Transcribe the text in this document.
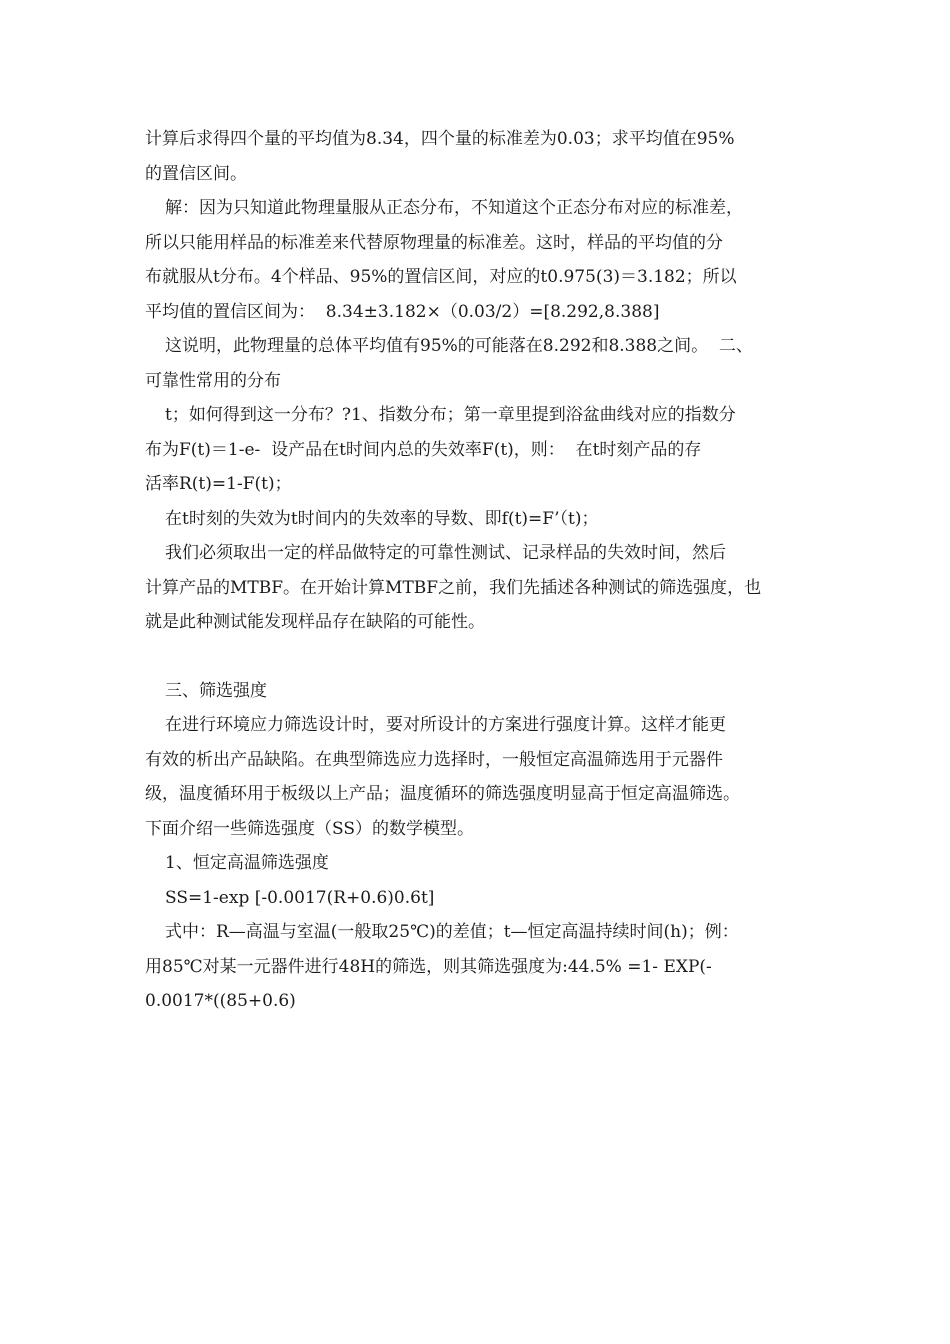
计算后求得四个量的平均值为8.34，四个量的标准差为0.03；求平均值在95%
的置信区间。
解：因为只知道此物理量服从正态分布，不知道这个正态分布对应的标准差，
所以只能用样品的标准差来代替原物理量的标准差。这时，样品的平均值的分
布就服从t分布。4个样品、95%的置信区间，对应的t0.975(3)＝3.182；所以
平均值的置信区间为：  8.34±3.182×（0.03/2）=[8.292,8.388]
这说明，此物理量的总体平均值有95%的可能落在8.292和8.388之间。  二、
可靠性常用的分布
t；如何得到这一分布？?1、指数分布；第一章里提到浴盆曲线对应的指数分
布为F(t)＝1-e-  设产品在t时间内总的失效率F(t)，则：  在t时刻产品的存
活率R(t)=1-F(t)；
在t时刻的失效为t时间内的失效率的导数、即f(t)=F’（t)；
我们必须取出一定的样品做特定的可靠性测试、记录样品的失效时间，然后
计算产品的MTBF。在开始计算MTBF之前，我们先插述各种测试的筛选强度，也
就是此种测试能发现样品存在缺陷的可能性。
三、筛选强度
在进行环境应力筛选设计时，要对所设计的方案进行强度计算。这样才能更
有效的析出产品缺陷。在典型筛选应力选择时，一般恒定高温筛选用于元器件
级，温度循环用于板级以上产品；温度循环的筛选强度明显高于恒定高温筛选。
下面介绍一些筛选强度（SS）的数学模型。
1、恒定高温筛选强度
SS=1-exp [-0.0017(R+0.6)0.6t]
式中：R—高温与室温(一般取25℃)的差值；t—恒定高温持续时间(h)；例：
用85℃对某一元器件进行48H的筛选，则其筛选强度为:44.5% =1- EXP(-
0.0017*((85+0.6)
